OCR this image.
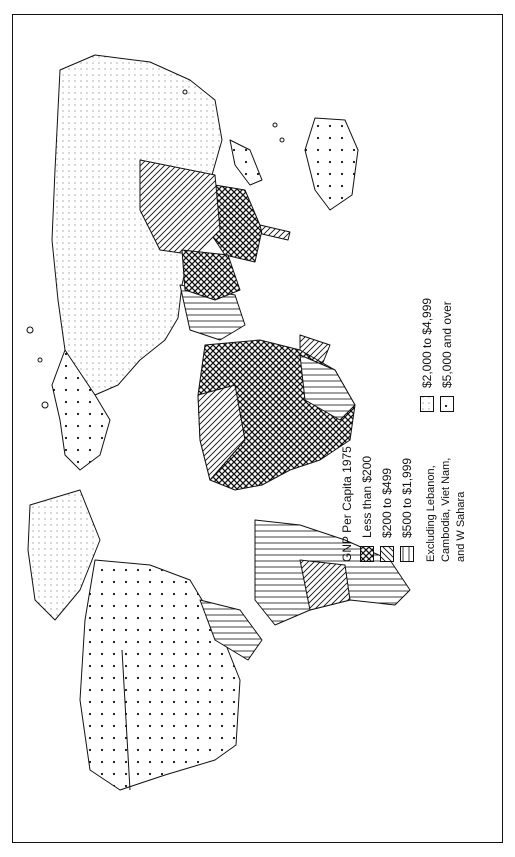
GNP Per Capita 1975 Less than $200 $200 to $499 $500 to $1,999
$2,000 to $4,999 $5,000 and over
Excluding Lebanon, Cambodia, Viet Nam, and W Sahara
